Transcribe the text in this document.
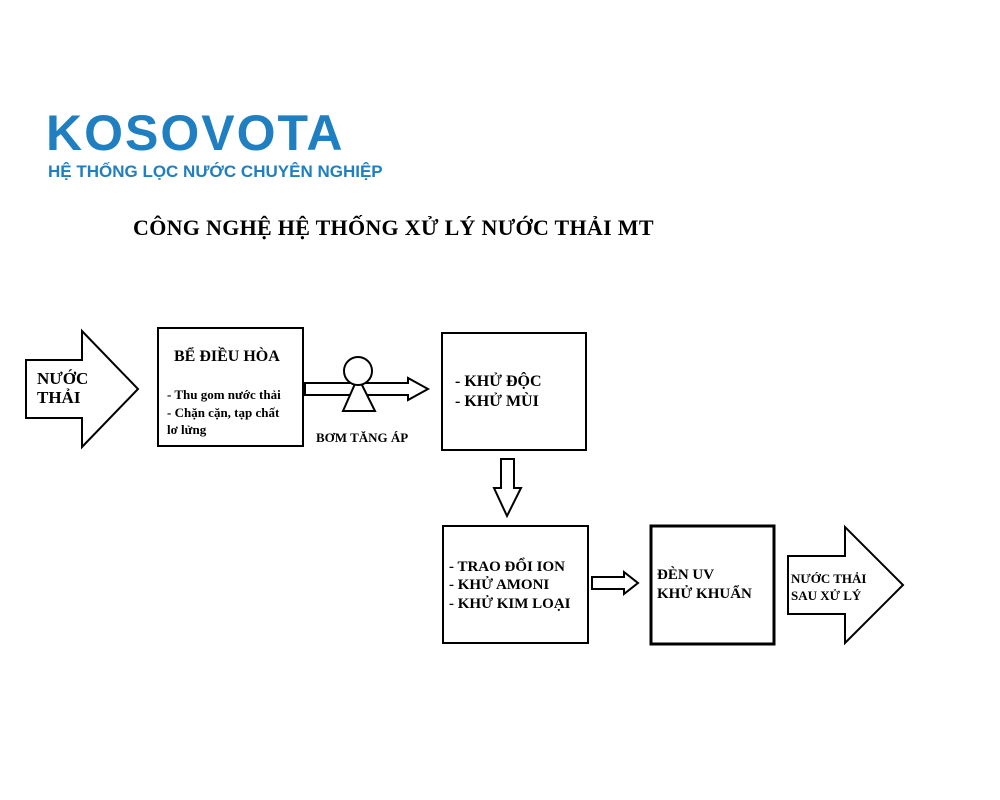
KOSOVOTA
HỆ THỐNG LỌC NƯỚC CHUYÊN NGHIỆP
CÔNG NGHỆ HỆ THỐNG XỬ LÝ NƯỚC THẢI MT
NƯỚC
THẢI
BỂ ĐIỀU HÒA
- Thu gom nước thải
- Chặn cặn, tạp chất
lơ lửng
BƠM TĂNG ÁP
- KHỬ ĐỘC
- KHỬ MÙI
- TRAO ĐỔI ION
- KHỬ AMONI
- KHỬ KIM LOẠI
ĐÈN UV
KHỬ KHUẨN
NƯỚC THẢI
SAU XỬ LÝ
